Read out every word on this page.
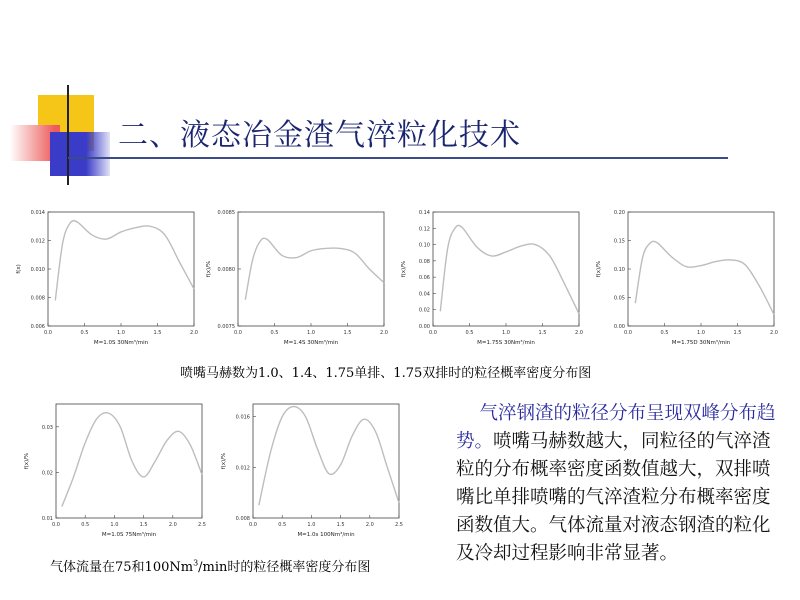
二、液态冶金渣气淬粒化技术
0.0	0.5	1.0	1.5	2.0
0.006
0.008
0.010
0.012
0.014
M=1.0S 30Nm³/min
f(x)
0.0	0.5	1.0	1.5	2.0
0.0075
0.0080
0.0085
M=1.4S 30Nm³/min
f(x)/%
0.0	0.5	1.0	1.5	2.0
0.00
0.02
0.04
0.06
0.08
0.10
0.12
0.14
M=1.75S 30Nm³/min
f(x)/%
0.0	0.5	1.0	1.5	2.0
0.00
0.05
0.10
0.15
0.20
M=1.75D 30Nm³/min
f(x)/%
喷嘴马赫数为1.0、1.4、1.75单排、1.75双排时的粒径概率密度分布图
0.0	0.5	1.0	1.5	2.0	2.5
0.01
0.02
0.03
M=1.0S 75Nm³/min
f(x)/%
0.0	0.5	1.0	1.5	2.0	2.5
0.008
0.012
0.016
M=1.0s 100Nm³/min
f(x)/%
气体流量在75和100Nm$^3$/min时的粒径概率密度分布图
气淬钢渣的粒径分布呈现双峰分布趋势。喷嘴马赫数越大，同粒径的气淬渣粒的分布概率密度函数值越大，双排喷嘴比单排喷嘴的气淬渣粒分布概率密度函数值大。气体流量对液态钢渣的粒化及冷却过程影响非常显著。
